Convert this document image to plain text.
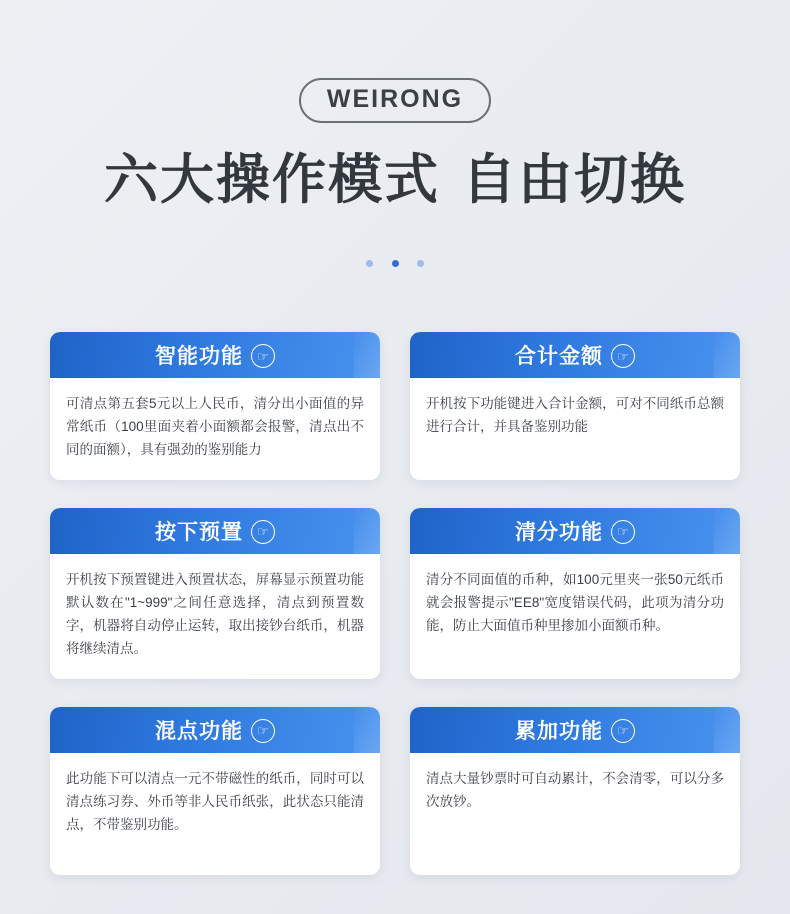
WEIRONG
六大操作模式 自由切换

智能功能	☞
可清点第五套5元以上人民币，清分出小面值的异常纸币（100里面夹着小面额都会报警，清点出不同的面额），具有强劲的鉴别能力
合计金额	☞
开机按下功能键进入合计金额，可对不同纸币总额进行合计，并具备鉴别功能
按下预置	☞
开机按下预置键进入预置状态，屏幕显示预置功能默认数在"1~999"之间任意选择，清点到预置数字，机器将自动停止运转，取出接钞台纸币，机器将继续清点。
清分功能	☞
清分不同面值的币种，如100元里夹一张50元纸币就会报警提示"EE8"宽度错误代码，此项为清分功能，防止大面值币种里掺加小面额币种。
混点功能	☞
此功能下可以清点一元不带磁性的纸币，同时可以清点练习券、外币等非人民币纸张，此状态只能清点，不带鉴别功能。
累加功能	☞
清点大量钞票时可自动累计，不会清零，可以分多次放钞。
